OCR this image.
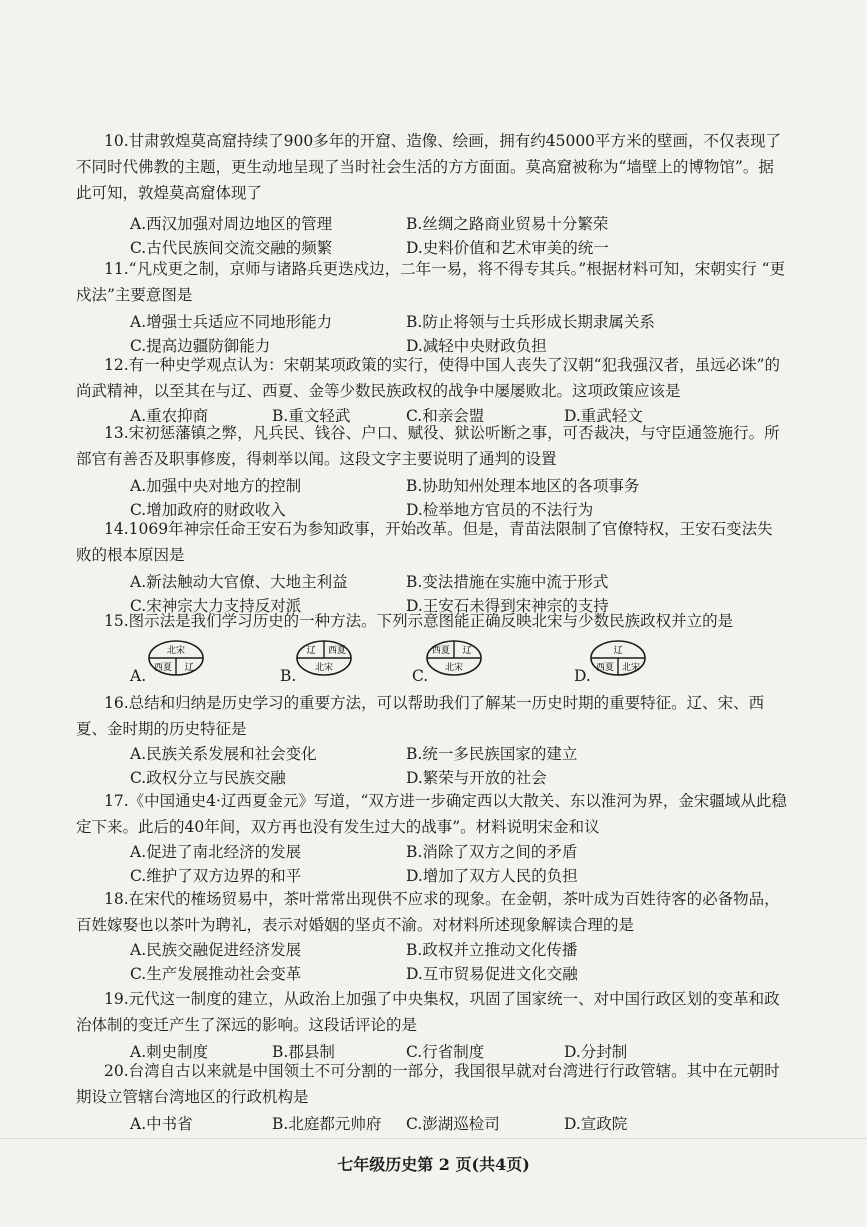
10.甘肃敦煌莫高窟持续了900多年的开窟、造像、绘画，拥有约45000平方米的壁画，不仅表现了不同时代佛教的主题，更生动地呈现了当时社会生活的方方面面。莫高窟被称为“墙壁上的博物馆”。据此可知，敦煌莫高窟体现了

A.西汉加强对周边地区的管理	B.丝绸之路商业贸易十分繁荣
C.古代民族间交流交融的频繁	D.史料价值和艺术审美的统一

11.“凡戍更之制，京师与诸路兵更迭戍边，二年一易，将不得专其兵。”根据材料可知，宋朝实行 “更戍法”主要意图是

A.增强士兵适应不同地形能力	B.防止将领与士兵形成长期隶属关系
C.提高边疆防御能力	D.减轻中央财政负担

12.有一种史学观点认为：宋朝某项政策的实行，使得中国人丧失了汉朝“犯我强汉者，虽远必诛”的尚武精神，以至其在与辽、西夏、金等少数民族政权的战争中屡屡败北。这项政策应该是

A.重农抑商	B.重文轻武	C.和亲会盟	D.重武轻文

13.宋初惩藩镇之弊，凡兵民、钱谷、户口、赋役、狱讼听断之事，可否裁决，与守臣通签施行。所部官有善否及职事修废，得刺举以闻。这段文字主要说明了通判的设置

A.加强中央对地方的控制	B.协助知州处理本地区的各项事务
C.增加政府的财政收入	D.检举地方官员的不法行为

14.1069年神宗任命王安石为参知政事，开始改革。但是，青苗法限制了官僚特权，王安石变法失败的根本原因是

A.新法触动大官僚、大地主利益	B.变法措施在实施中流于形式
C.宋神宗大力支持反对派	D.王安石未得到宋神宗的支持

15.图示法是我们学习历史的一种方法。下列示意图能正确反映北宋与少数民族政权并立的是

A.
北宋
西夏 辽	B.
辽 西夏
北宋	C.
西夏 辽
北宋	D.
辽
西夏 北宋

16.总结和归纳是历史学习的重要方法，可以帮助我们了解某一历史时期的重要特征。辽、宋、西夏、金时期的历史特征是

A.民族关系发展和社会变化	B.统一多民族国家的建立
C.政权分立与民族交融	D.繁荣与开放的社会

17.《中国通史4·辽西夏金元》写道，“双方进一步确定西以大散关、东以淮河为界，金宋疆域从此稳定下来。此后的40年间，双方再也没有发生过大的战事”。材料说明宋金和议

A.促进了南北经济的发展	B.消除了双方之间的矛盾
C.维护了双方边界的和平	D.增加了双方人民的负担

18.在宋代的榷场贸易中，茶叶常常出现供不应求的现象。在金朝，茶叶成为百姓待客的必备物品，百姓嫁娶也以茶叶为聘礼，表示对婚姻的坚贞不渝。对材料所述现象解读合理的是

A.民族交融促进经济发展	B.政权并立推动文化传播
C.生产发展推动社会变革	D.互市贸易促进文化交融

19.元代这一制度的建立，从政治上加强了中央集权，巩固了国家统一、对中国行政区划的变革和政治体制的变迁产生了深远的影响。这段话评论的是

A.刺史制度	B.郡县制	C.行省制度	D.分封制

20.台湾自古以来就是中国领土不可分割的一部分，我国很早就对台湾进行行政管辖。其中在元朝时期设立管辖台湾地区的行政机构是

A.中书省	B.北庭都元帅府 C.澎湖巡检司	D.宣政院
七年级历史第 2 页(共4页)
